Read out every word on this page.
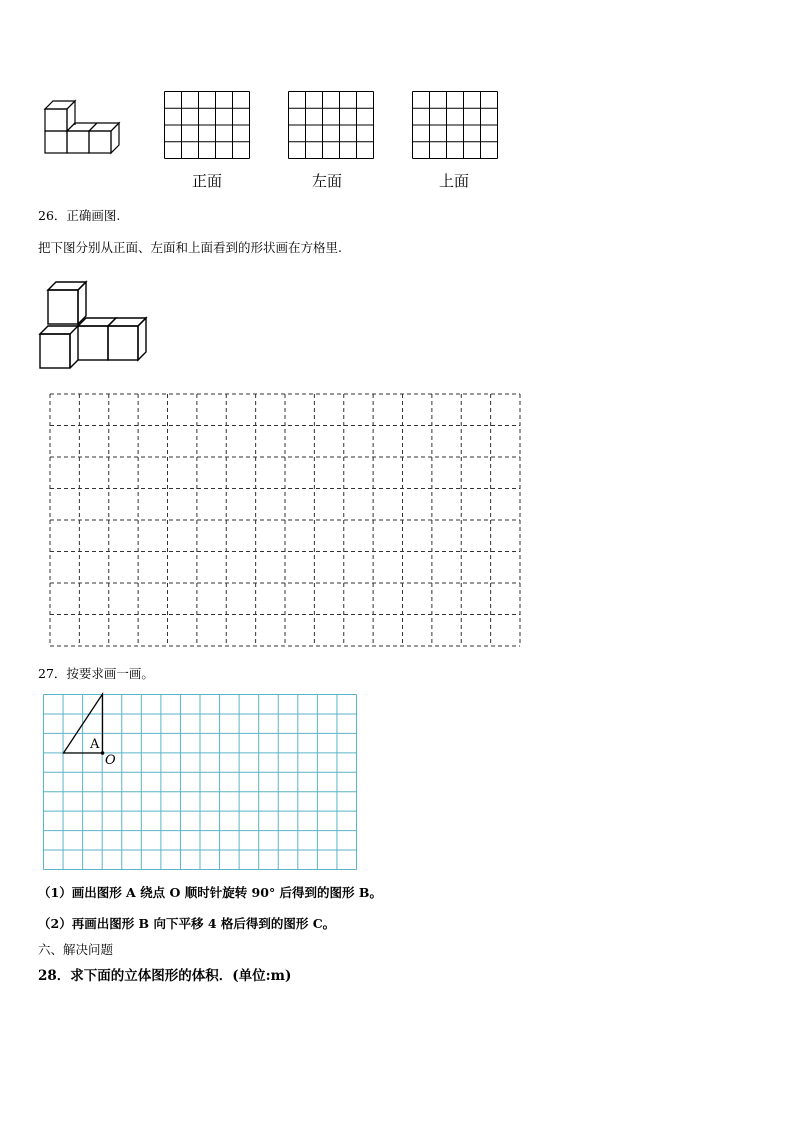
正面	左面	上面
26．正确画图.
把下图分别从正面、左面和上面看到的形状画在方格里.
27．按要求画一画。
A
O
（1）画出图形 A 绕点 O 顺时针旋转 90° 后得到的图形 B。
（2）再画出图形 B 向下平移 4 格后得到的图形 C。
六、解决问题
28．求下面的立体图形的体积．(单位:m)
